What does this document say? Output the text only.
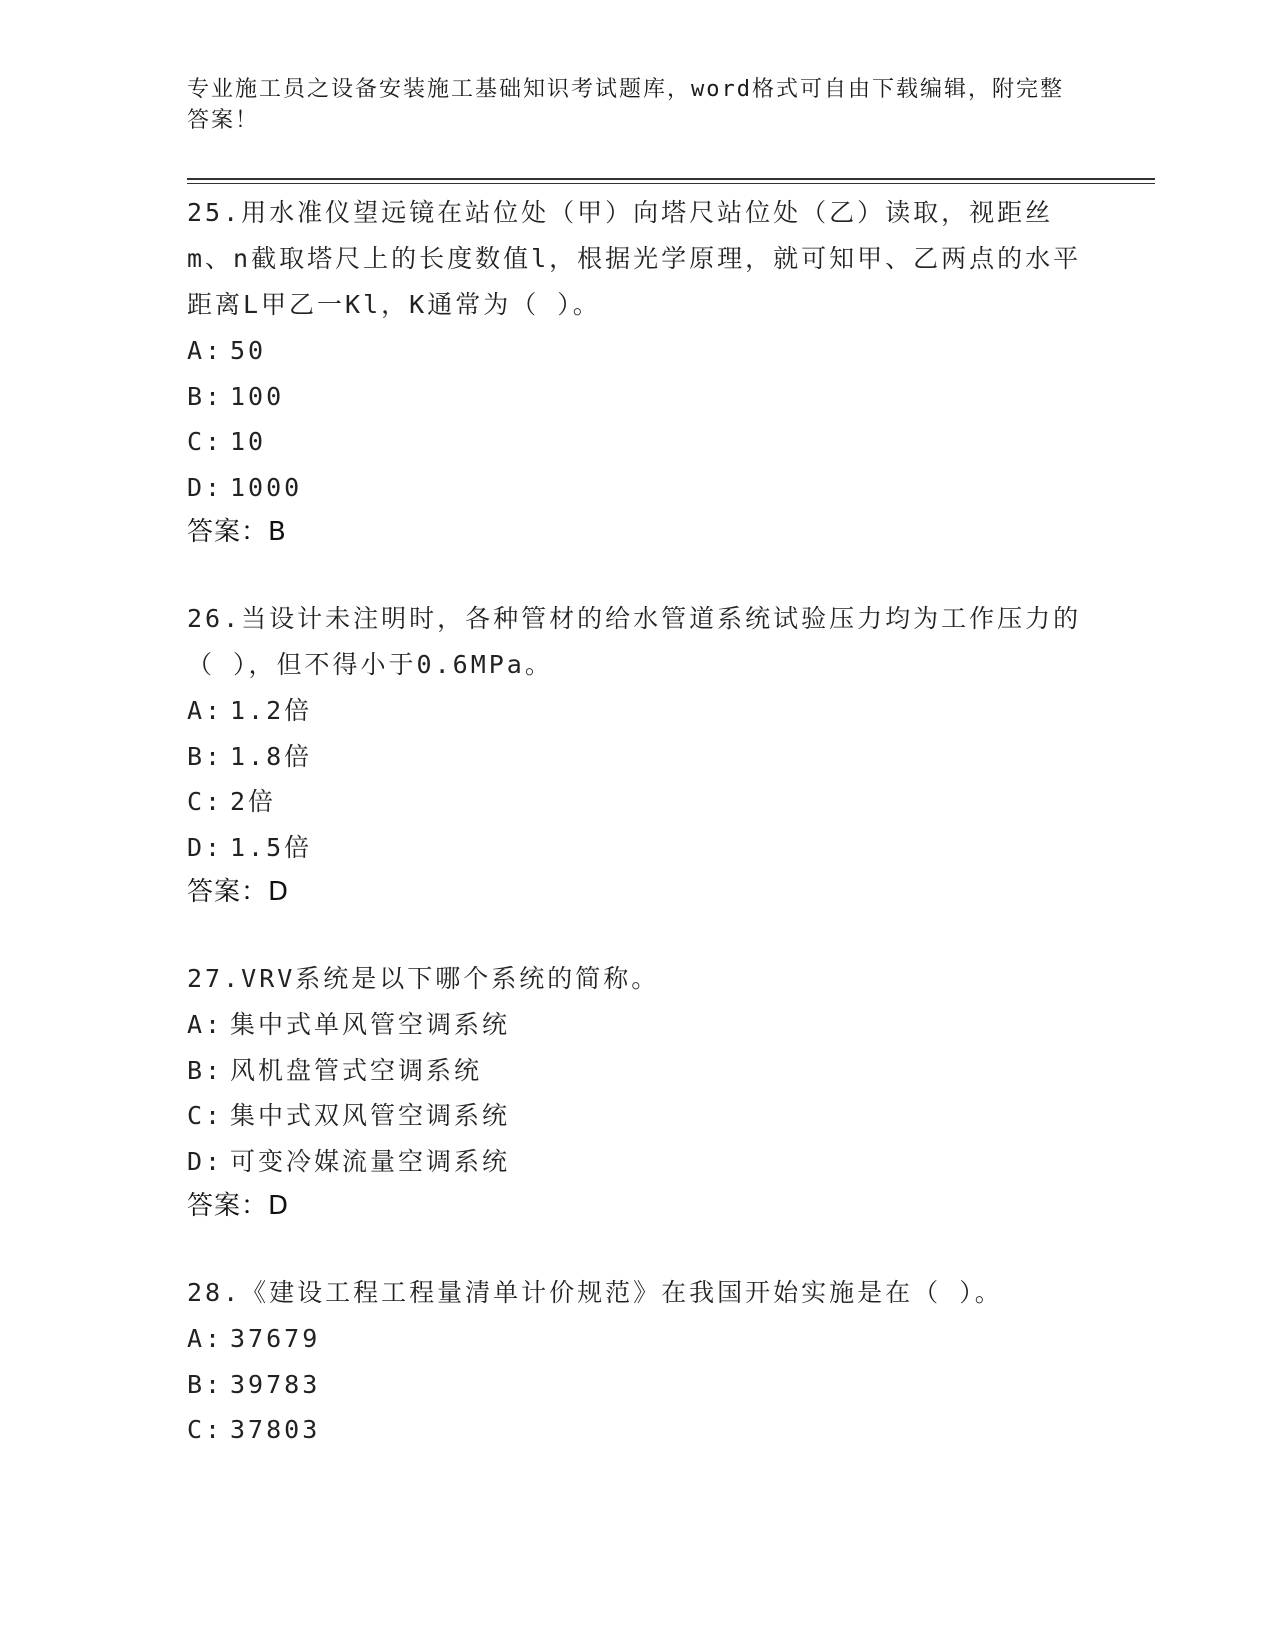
专业施工员之设备安装施工基础知识考试题库，word格式可自由下载编辑，附完整答案！
25.用水准仪望远镜在站位处（甲）向塔尺站位处（乙）读取，视距丝m、n截取塔尺上的长度数值l，根据光学原理，就可知甲、乙两点的水平距离L甲乙一Kl，K通常为（ ）。
A: 50
B: 100
C: 10
D: 1000
答案：B
26.当设计未注明时，各种管材的给水管道系统试验压力均为工作压力的（ ），但不得小于0.6MPa。
A: 1.2倍
B: 1.8倍
C: 2倍
D: 1.5倍
答案：D
27.VRV系统是以下哪个系统的简称。
A: 集中式单风管空调系统
B: 风机盘管式空调系统
C: 集中式双风管空调系统
D: 可变冷媒流量空调系统
答案：D
28.《建设工程工程量清单计价规范》在我国开始实施是在（ ）。
A: 37679
B: 39783
C: 37803
